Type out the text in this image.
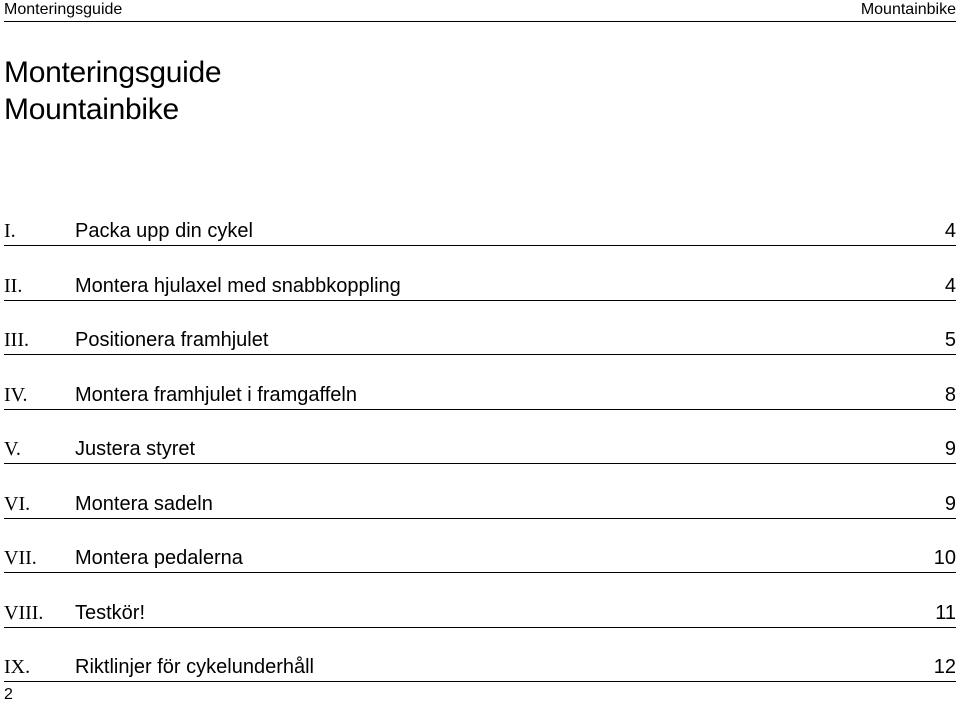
Monteringsguide	Mountainbike
Monteringsguide
Mountainbike
I.	Packa upp din cykel	4
II.	Montera hjulaxel med snabbkoppling	4
III. Positionera framhjulet	5
IV. Montera framhjulet i framgaffeln	8
V.	Justera styret	9
VI. Montera sadeln	9
VII. Montera pedalerna	10
VIII. Testkör!	11
IX. Riktlinjer för cykelunderhåll	12
2
